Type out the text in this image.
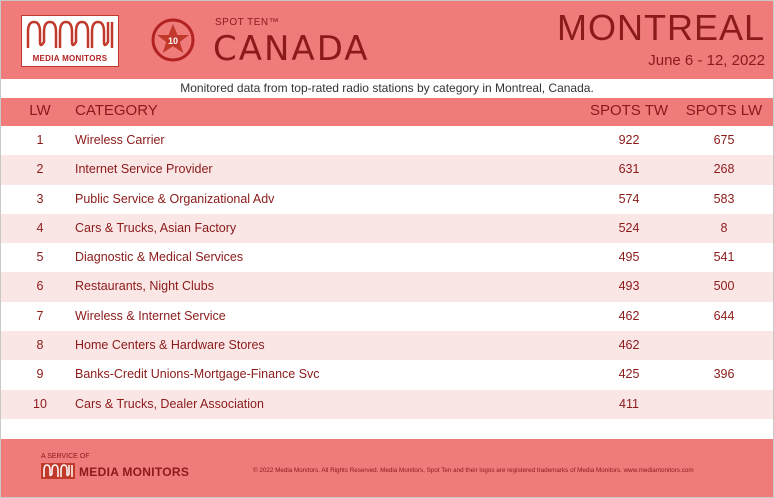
MEDIA MONITORS
10
SPOT TEN™
CANADA
MONTREAL
June 6 - 12, 2022
Monitored data from top-rated radio stations by category in Montreal, Canada.
LW	CATEGORY	SPOTS TW	SPOTS LW
1	Wireless Carrier	922	675
2	Internet Service Provider	631	268
3	Public Service & Organizational Adv	574	583
4	Cars & Trucks, Asian Factory	524	8
5	Diagnostic & Medical Services	495	541
6	Restaurants, Night Clubs	493	500
7	Wireless & Internet Service	462	644
8	Home Centers & Hardware Stores	462
9	Banks-Credit Unions-Mortgage-Finance Svc	425	396
10	Cars & Trucks, Dealer Association	411
A SERVICE OF
MEDIA MONITORS	© 2022 Media Monitors. All Rights Reserved. Media Monitors, Spot Ten and their logos are registered trademarks of Media Monitors. www.mediamonitors.com
